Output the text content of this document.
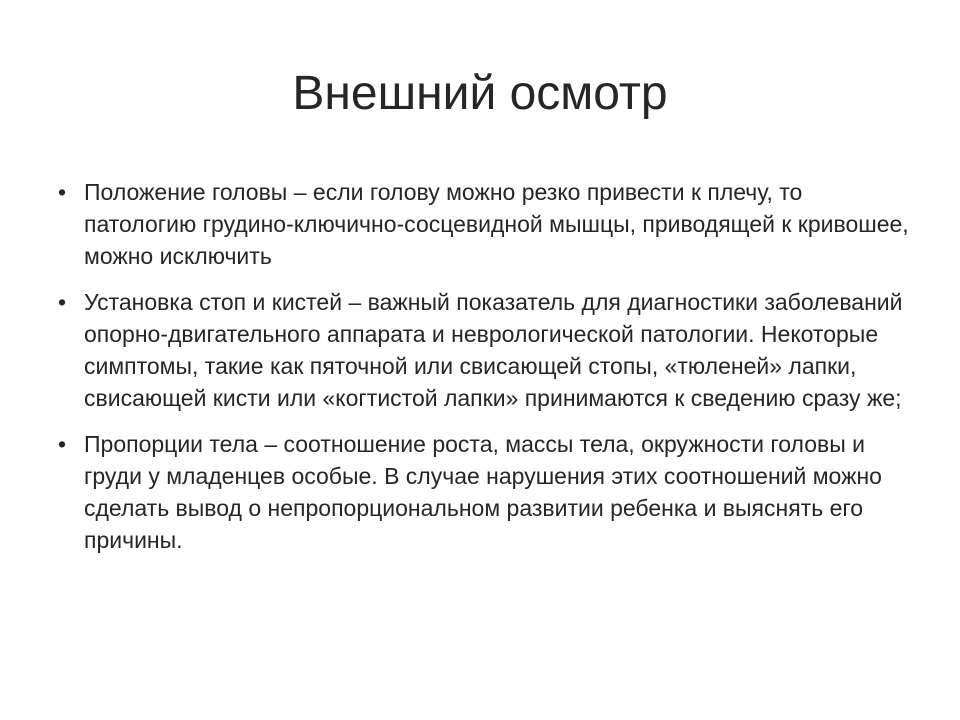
Внешний осмотр
• Положение головы – если голову можно резко привести к плечу, то патологию грудино-ключично-сосцевидной мышцы, приводящей к кривошее, можно исключить
• Установка стоп и кистей – важный показатель для диагностики заболеваний опорно-двигательного аппарата и неврологической патологии. Некоторые симптомы, такие как пяточной или свисающей стопы, «тюленей» лапки, свисающей кисти или «когтистой лапки» принимаются к сведению сразу же;
• Пропорции тела – соотношение роста, массы тела, окружности головы и груди у младенцев особые. В случае нарушения этих соотношений можно сделать вывод о непропорциональном развитии ребенка и выяснять его причины.
